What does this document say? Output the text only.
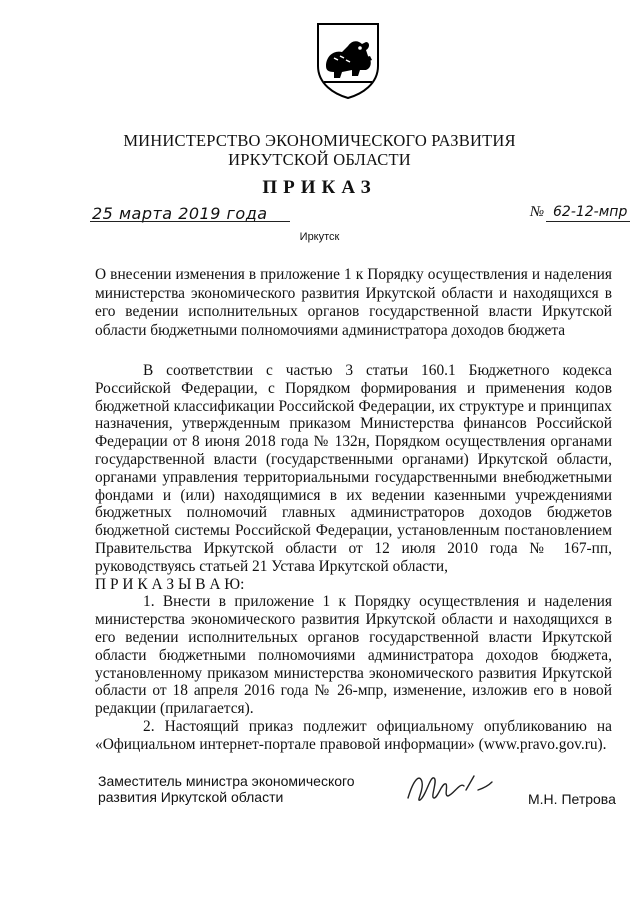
МИНИСТЕРСТВО ЭКОНОМИЧЕСКОГО РАЗВИТИЯ
ИРКУТСКОЙ ОБЛАСТИ
ПРИКАЗ
25 марта 2019 года	№ 62-12-мпр
Иркутск
О внесении изменения в приложение 1 к Порядку осуществления и наделения министерства экономического развития Иркутской области и находящихся в его ведении исполнительных органов государственной власти Иркутской области бюджетными полномочиями администратора доходов бюджета

В соответствии с частью 3 статьи 160.1 Бюджетного кодекса Российской Федерации, с Порядком формирования и применения кодов бюджетной классификации Российской Федерации, их структуре и принципах назначения, утвержденным приказом Министерства финансов Российской Федерации от 8 июня 2018 года № 132н, Порядком осуществления органами государственной власти (государственными органами) Иркутской области, органами управления территориальными государственными внебюджетными фондами и (или) находящимися в их ведении казенными учреждениями бюджетных полномочий главных администраторов доходов бюджетов бюджетной системы Российской Федерации, установленным постановлением Правительства Иркутской области от 12 июля 2010 года № 167-пп, руководствуясь статьей 21 Устава Иркутской области,

П Р И К А З Ы В А Ю:

1. Внести в приложение 1 к Порядку осуществления и наделения министерства экономического развития Иркутской области и находящихся в его ведении исполнительных органов государственной власти Иркутской области бюджетными полномочиями администратора доходов бюджета, установленному приказом министерства экономического развития Иркутской области от 18 апреля 2016 года № 26-мпр, изменение, изложив его в новой редакции (прилагается).

2. Настоящий приказ подлежит официальному опубликованию на «Официальном интернет-портале правовой информации» (www.pravo.gov.ru).

Заместитель министра экономического
развития Иркутской области	М.Н. Петрова
